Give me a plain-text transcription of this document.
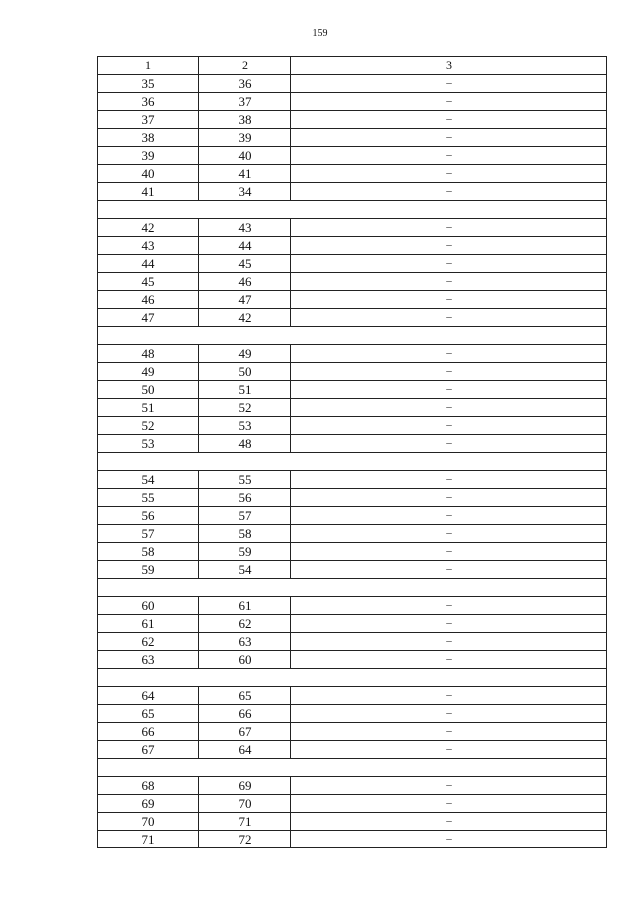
159
1	2	3
35	36	–
36	37	–
37	38	–
38	39	–
39	40	–
40	41	–
41	34	–
42	43	–
43	44	–
44	45	–
45	46	–
46	47	–
47	42	–
48	49	–
49	50	–
50	51	–
51	52	–
52	53	–
53	48	–
54	55	–
55	56	–
56	57	–
57	58	–
58	59	–
59	54	–
60	61	–
61	62	–
62	63	–
63	60	–
64	65	–
65	66	–
66	67	–
67	64	–
68	69	–
69	70	–
70	71	–
71	72	–
